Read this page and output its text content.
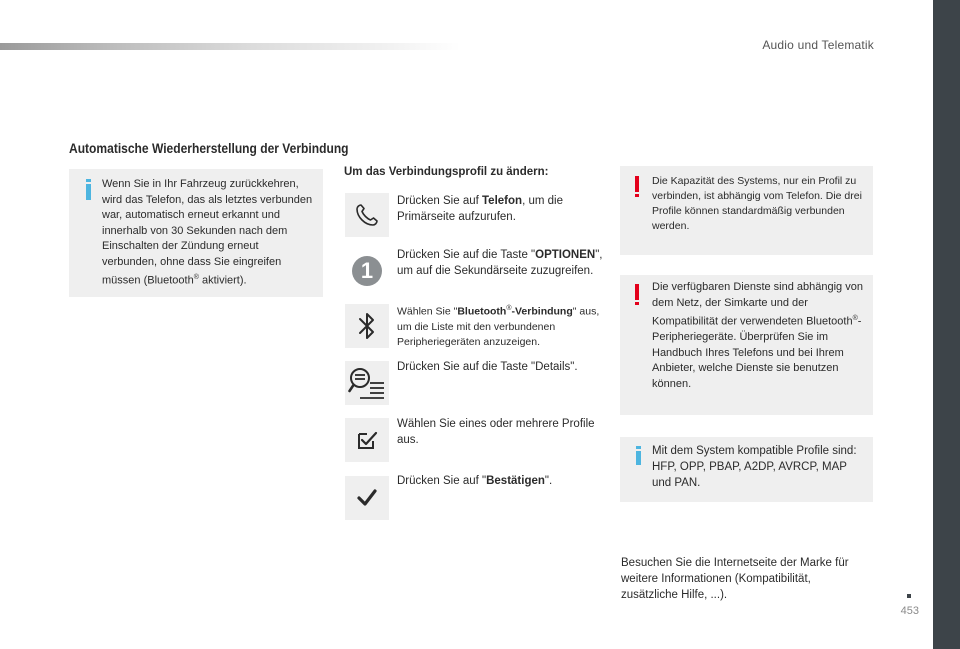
Audio und Telematik
Automatische Wiederherstellung der Verbindung
Wenn Sie in Ihr Fahrzeug zurückkehren, wird das Telefon, das als letztes verbunden war, automatisch erneut erkannt und innerhalb von 30 Sekunden nach dem Einschalten der Zündung erneut verbunden, ohne dass Sie eingreifen müssen (Bluetooth® aktiviert).
Um das Verbindungsprofil zu ändern:
Drücken Sie auf Telefon, um die Primärseite aufzurufen.
1
Drücken Sie auf die Taste "OPTIONEN", um auf die Sekundärseite zuzugreifen.
Wählen Sie "Bluetooth®-Verbindung" aus, um die Liste mit den verbundenen Peripheriegeräten anzuzeigen.
Drücken Sie auf die Taste "Details".
Wählen Sie eines oder mehrere Profile aus.
Drücken Sie auf "Bestätigen".
Die Kapazität des Systems, nur ein Profil zu verbinden, ist abhängig vom Telefon. Die drei Profile können standardmäßig verbunden werden.
Die verfügbaren Dienste sind abhängig von dem Netz, der Simkarte und der Kompatibilität der verwendeten Bluetooth®-Peripheriegeräte. Überprüfen Sie im Handbuch Ihres Telefons und bei Ihrem Anbieter, welche Dienste sie benutzen können.
Mit dem System kompatible Profile sind: HFP, OPP, PBAP, A2DP, AVRCP, MAP und PAN.
Besuchen Sie die Internetseite der Marke für weitere Informationen (Kompatibilität, zusätzliche Hilfe, ...).
453
